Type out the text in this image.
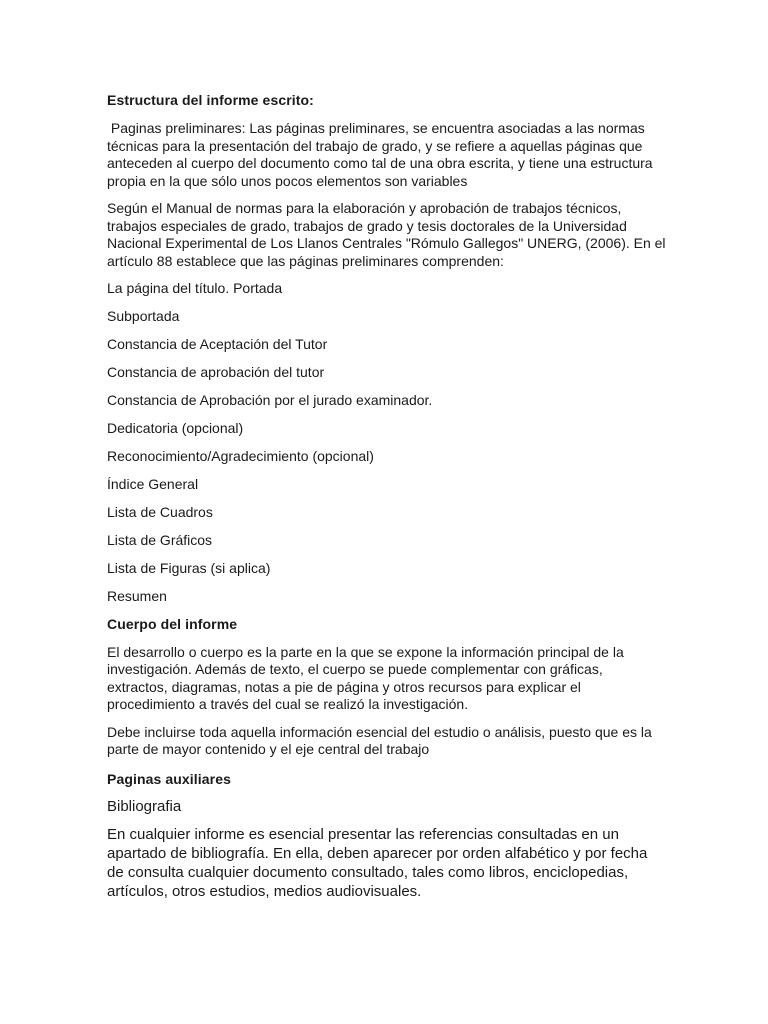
Estructura del informe escrito:

Paginas preliminares: Las páginas preliminares, se encuentra asociadas a las normas técnicas para la presentación del trabajo de grado, y se refiere a aquellas páginas que anteceden al cuerpo del documento como tal de una obra escrita, y tiene una estructura propia en la que sólo unos pocos elementos son variables

Según el Manual de normas para la elaboración y aprobación de trabajos técnicos, trabajos especiales de grado, trabajos de grado y tesis doctorales de la Universidad Nacional Experimental de Los Llanos Centrales "Rómulo Gallegos" UNERG, (2006). En el artículo 88 establece que las páginas preliminares comprenden:

La página del título. Portada

Subportada

Constancia de Aceptación del Tutor

Constancia de aprobación del tutor

Constancia de Aprobación por el jurado examinador.

Dedicatoria (opcional)

Reconocimiento/Agradecimiento (opcional)

Índice General

Lista de Cuadros

Lista de Gráficos

Lista de Figuras (si aplica)

Resumen

Cuerpo del informe

El desarrollo o cuerpo es la parte en la que se expone la información principal de la investigación. Además de texto, el cuerpo se puede complementar con gráficas, extractos, diagramas, notas a pie de página y otros recursos para explicar el procedimiento a través del cual se realizó la investigación.

Debe incluirse toda aquella información esencial del estudio o análisis, puesto que es la parte de mayor contenido y el eje central del trabajo

Paginas auxiliares

Bibliografia

En cualquier informe es esencial presentar las referencias consultadas en un apartado de bibliografía. En ella, deben aparecer por orden alfabético y por fecha de consulta cualquier documento consultado, tales como libros, enciclopedias, artículos, otros estudios, medios audiovisuales.
